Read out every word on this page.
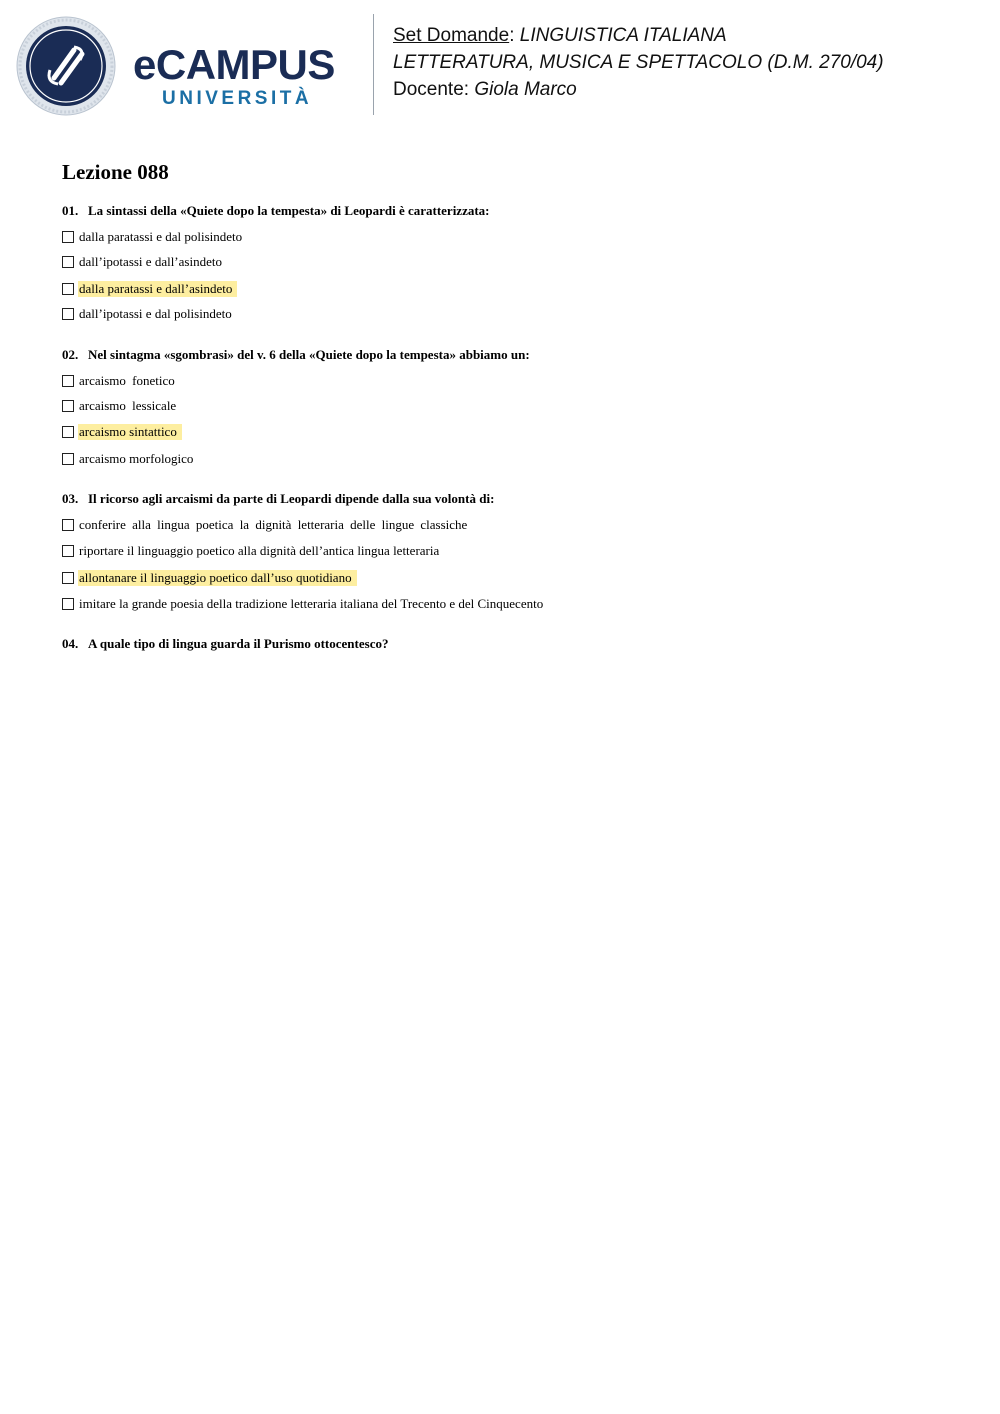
eCAMPUS
UNIVERSITÀ
Set Domande: LINGUISTICA ITALIANA
LETTERATURA, MUSICA E SPETTACOLO (D.M. 270/04)
Docente: Giola Marco
Lezione 088
01. La sintassi della «Quiete dopo la tempesta» di Leopardi è caratterizzata:
dalla paratassi e dal polisindeto
dall’ipotassi e dall’asindeto
dalla paratassi e dall’asindeto
dall’ipotassi e dal polisindeto
02. Nel sintagma «sgombrasi» del v. 6 della «Quiete dopo la tempesta» abbiamo un:
arcaismo fonetico
arcaismo lessicale
arcaismo sintattico
arcaismo morfologico
03. Il ricorso agli arcaismi da parte di Leopardi dipende dalla sua volontà di:
conferire alla lingua poetica la dignità letteraria delle lingue classiche
riportare il linguaggio poetico alla dignità dell’antica lingua letteraria
allontanare il linguaggio poetico dall’uso quotidiano
imitare la grande poesia della tradizione letteraria italiana del Trecento e del Cinquecento
04. A quale tipo di lingua guarda il Purismo ottocentesco?
